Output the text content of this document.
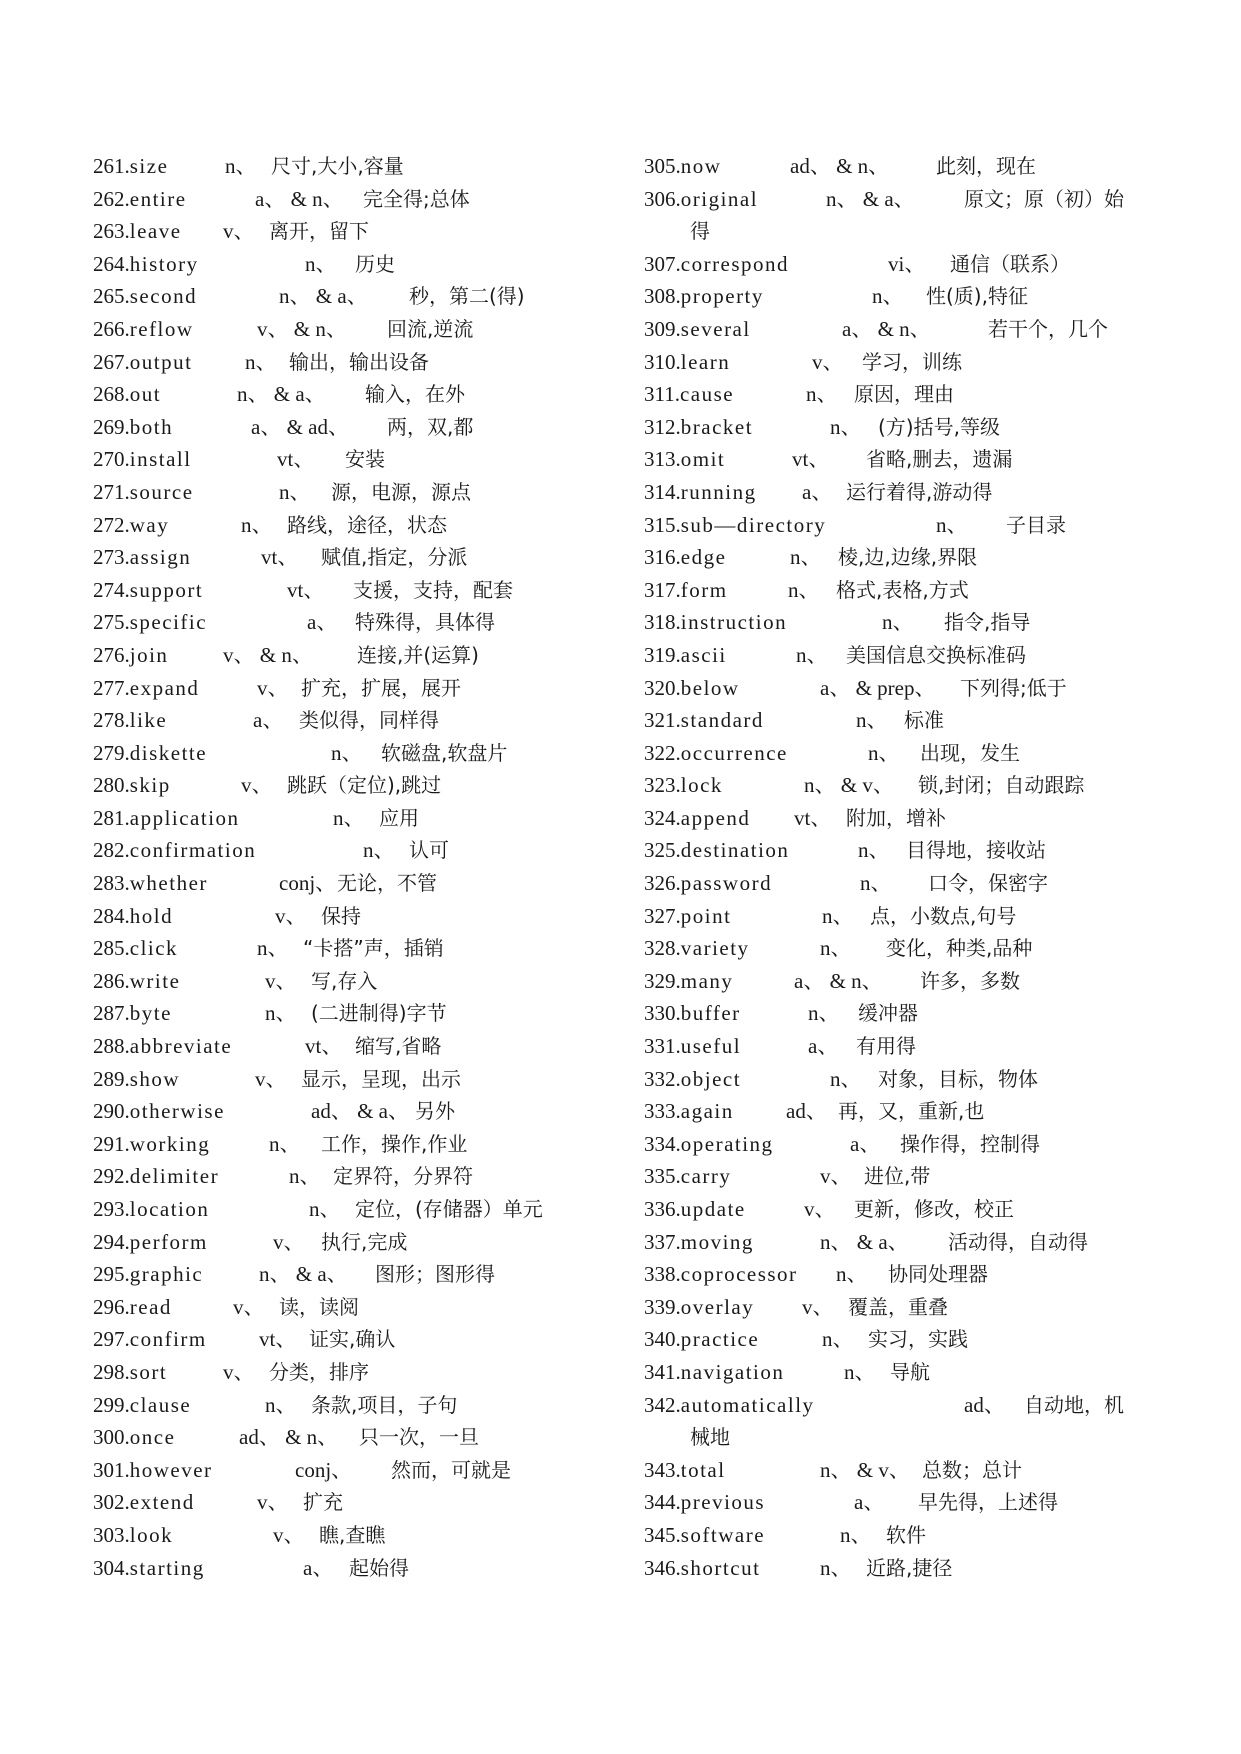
261.size	n、 尺寸,大小,容量
262.entire	a、 & n、 完全得;总体
263.leave v、 离开，留下
264.history	n、 历史
265.second	n、 & a、 秒，第二(得)
266.reflow	v、 & n、 回流,逆流
267.output	n、 输出，输出设备
268.out	n、 & a、 输入，在外
269.both	a、 & ad、 两，双,都
270.install	vt、 安装
271.source	n、 源，电源，源点
272.way	n、 路线，途径，状态
273.assign	vt、 赋值,指定，分派
274.support	vt、 支援，支持，配套
275.specific	a、 特殊得，具体得
276.join	v、 & n、 连接,并(运算)
277.expand	v、 扩充，扩展，展开
278.like	a、 类似得，同样得
279.diskette	n、 软磁盘,软盘片
280.skip	v、 跳跃（定位),跳过
281.application	n、 应用
282.confirmation	n、 认可
283.whether	conj、 无论，不管
284.hold	v、 保持
285.click	n、 “卡搭”声，插销
286.write	v、 写,存入
287.byte	n、 (二进制得)字节
288.abbreviate	vt、 缩写,省略
289.show	v、 显示，呈现，出示
290.otherwise	ad、 & a、 另外
291.working	n、 工作，操作,作业
292.delimiter	n、 定界符，分界符
293.location	n、 定位，(存储器）单元
294.perform	v、 执行,完成
295.graphic	n、 & a、 图形；图形得
296.read	v、 读，读阅
297.confirm vt、 证实,确认
298.sort	v、 分类，排序
299.clause	n、 条款,项目，子句
300.once	ad、 & n、 只一次，一旦
301.however	conj、 然而，可就是
302.extend	v、 扩充
303.look	v、 瞧,查瞧
304.starting	a、 起始得
305.now	ad、 & n、 此刻，现在
306.original	n、 & a、 原文；原（初）始
得
307.correspond	vi、 通信（联系）
308.property	n、 性(质),特征
309.several	a、 & n、	若干个，几个
310.learn	v、 学习，训练
311.cause	n、 原因，理由
312.bracket	n、 (方)括号,等级
313.omit	vt、 省略,删去，遗漏
314.running a、 运行着得,游动得
315.sub—directory	n、 子目录
316.edge	n、 棱,边,边缘,界限
317.form	n、 格式,表格,方式
318.instruction	n、 指令,指导
319.ascii	n、 美国信息交换标准码
320.below	a、 & prep、 下列得;低于
321.standard	n、 标准
322.occurrence	n、 出现，发生
323.lock	n、 & v、 锁,封闭；自动跟踪
324.append vt、 附加，增补
325.destination	n、 目得地，接收站
326.password	n、 口令，保密字
327.point	n、 点，小数点,句号
328.variety	n、 变化，种类,品种
329.many	a、 & n、 许多，多数
330.buffer	n、 缓冲器
331.useful	a、 有用得
332.object	n、 对象，目标，物体
333.again ad、 再，又，重新,也
334.operating	a、 操作得，控制得
335.carry	v、 进位,带
336.update	v、 更新，修改，校正
337.moving	n、 & a、 活动得，自动得
338.coprocessor n、 协同处理器
339.overlay v、 覆盖，重叠
340.practice	n、 实习，实践
341.navigation	n、 导航
342.automatically	ad、 自动地，机
械地
343.total	n、 & v、 总数；总计
344.previous	a、 早先得，上述得
345.software	n、 软件
346.shortcut	n、 近路,捷径
